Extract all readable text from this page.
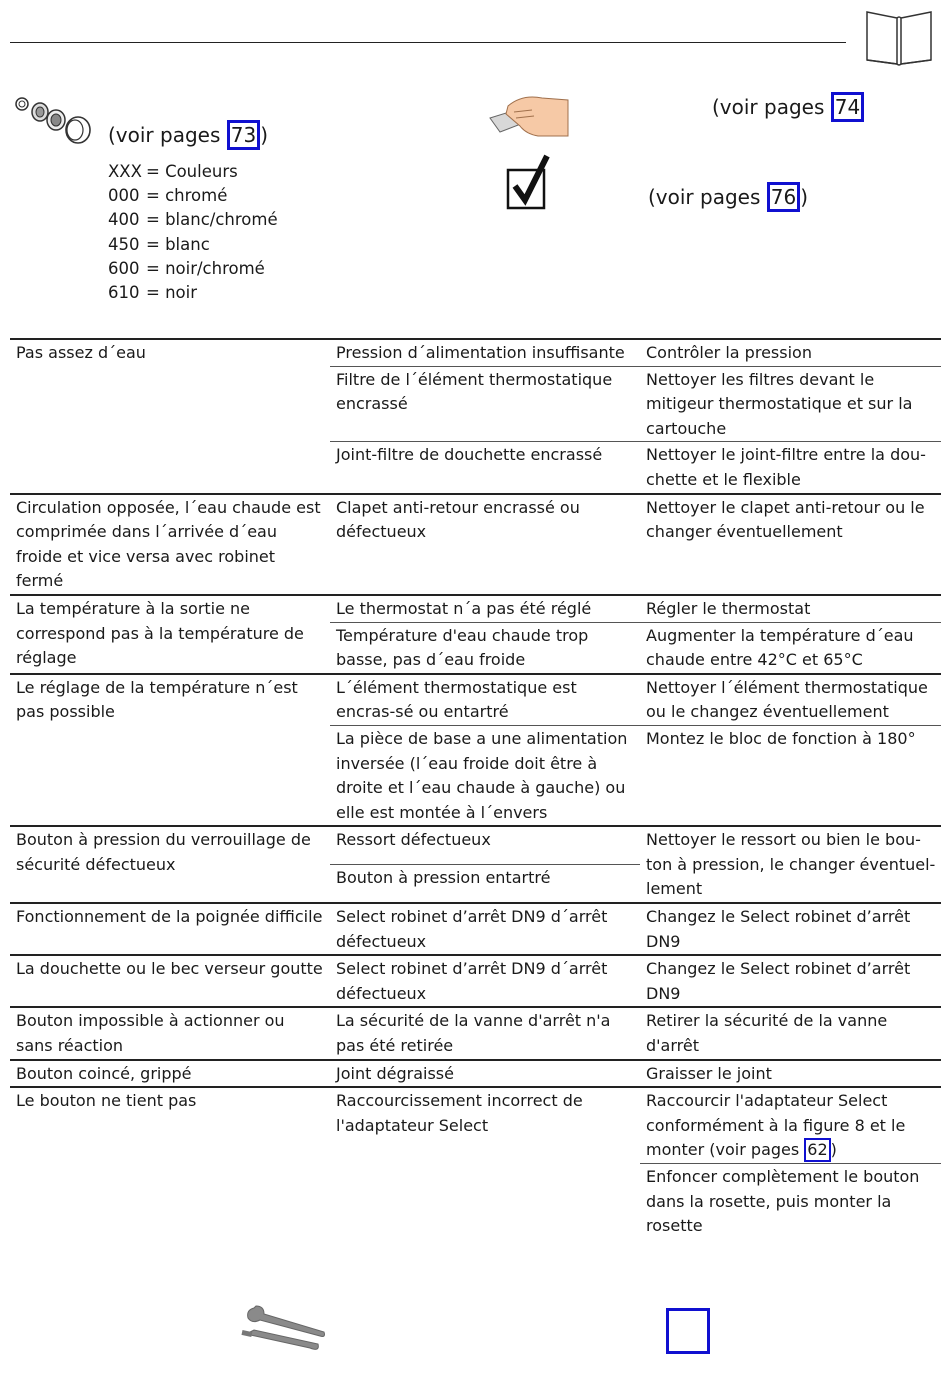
(voir pages 73 )
XXX = Couleurs
000 = chromé
400 = blanc/chromé
450 = blanc
600 = noir/chromé
610 = noir
(voir pages 74
(voir pages 76 )
Pas assez d´eau	Pression d´alimentation insuffisante	Contrôler la pression
	Filtre de l´élément thermostatique encrassé	Nettoyer les filtres devant le mitigeur thermostatique et sur la cartouche
	Joint-filtre de douchette encrassé	Nettoyer le joint-filtre entre la dou-chette et le flexible
Circulation opposée, l´eau chaude est comprimée dans l´arrivée d´eau froide et vice versa avec robinet fermé	Clapet anti-retour encrassé ou défectueux	Nettoyer le clapet anti-retour ou le changer éventuellement
La température à la sortie ne correspond pas à la température de réglage	Le thermostat n´a pas été réglé	Régler le thermostat
	Température d'eau chaude trop basse, pas d´eau froide	Augmenter la température d´eau chaude entre 42°C et 65°C
Le réglage de la température n´est pas possible	L´élément thermostatique est encras-sé ou entartré	Nettoyer l´élément thermostatique ou le changez éventuellement
	La pièce de base a une alimentation inversée (l´eau froide doit être à droite et l´eau chaude à gauche) ou elle est montée à l´envers	Montez le bloc de fonction à 180°
Bouton à pression du verrouillage de sécurité défectueux	Ressort défectueux	Nettoyer le ressort ou bien le bou-ton à pression, le changer éventuel-lement
	Bouton à pression entartré	
Fonctionnement de la poignée difficile	Select robinet d’arrêt DN9 d´arrêt défectueux	Changez le Select robinet d’arrêt DN9
La douchette ou le bec verseur goutte	Select robinet d’arrêt DN9 d´arrêt défectueux	Changez le Select robinet d’arrêt DN9
Bouton impossible à actionner ou sans réaction	La sécurité de la vanne d'arrêt n'a pas été retirée	Retirer la sécurité de la vanne d'arrêt
Bouton coincé, grippé	Joint dégraissé	Graisser le joint
Le bouton ne tient pas	Raccourcissement incorrect de l'adaptateur Select	Raccourcir l'adaptateur Select conformément à la figure 8 et le monter (voir pages 62 )
		Enfoncer complètement le bouton dans la rosette, puis monter la rosette
